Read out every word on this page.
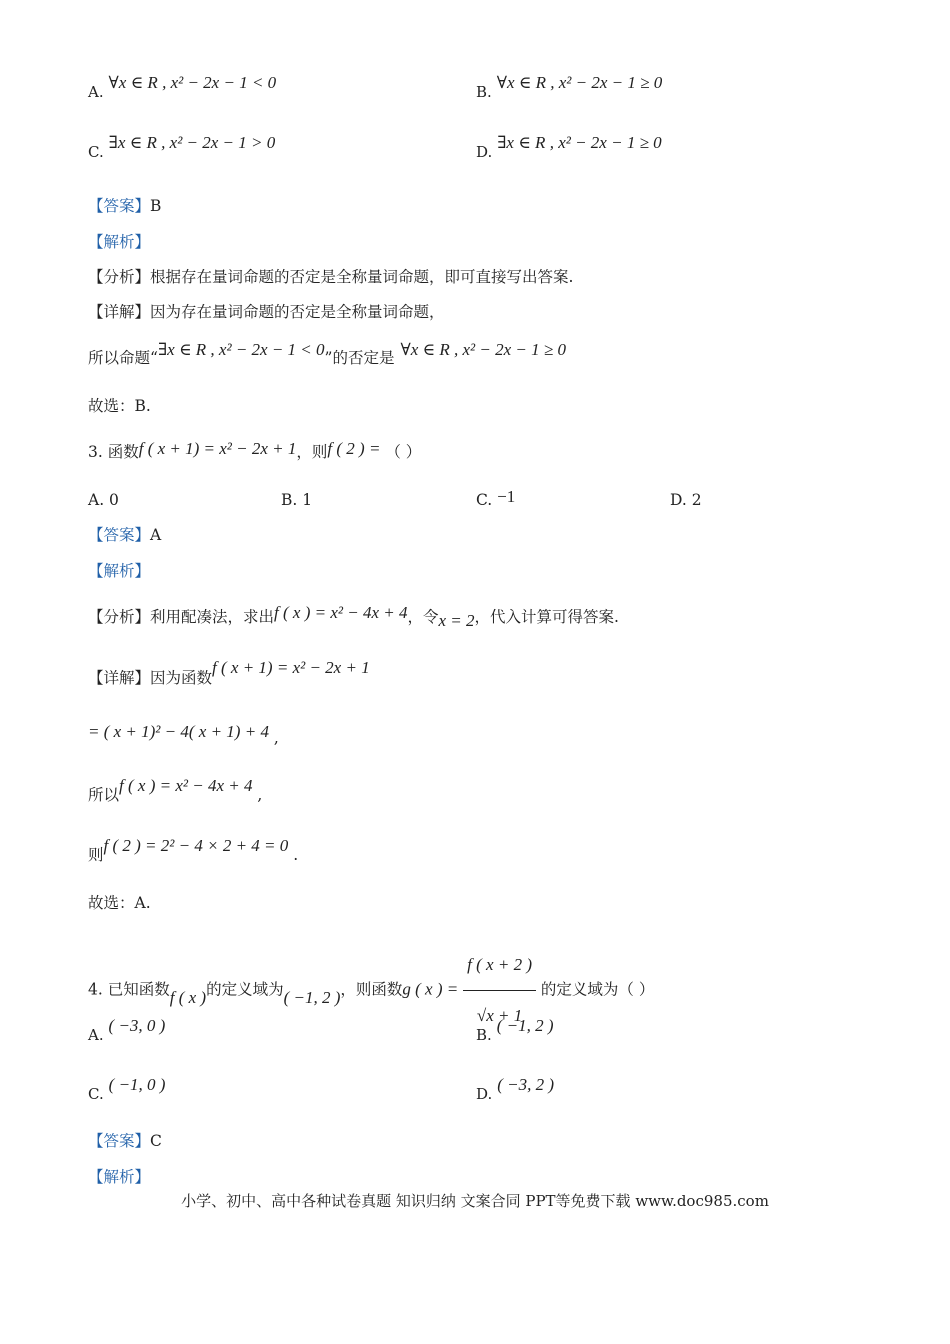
A. ∀x ∈ R , x² − 2x − 1 < 0	B. ∀x ∈ R , x² − 2x − 1 ≥ 0
C. ∃x ∈ R , x² − 2x − 1 > 0	D. ∃x ∈ R , x² − 2x − 1 ≥ 0
【答案】B
【解析】
【分析】根据存在量词命题的否定是全称量词命题，即可直接写出答案.
【详解】因为存在量词命题的否定是全称量词命题，
所以命题“∃x ∈ R , x² − 2x − 1 < 0”的否定是 ∀x ∈ R , x² − 2x − 1 ≥ 0
故选：B.
3. 函数f ( x + 1) = x² − 2x + 1，则f ( 2 ) = （ ）
A. 0	B. 1	C. −1	D. 2
【答案】A
【解析】
【分析】利用配凑法，求出f ( x ) = x² − 4x + 4，令x = 2，代入计算可得答案.
【详解】因为函数f ( x + 1) = x² − 2x + 1
= ( x + 1)² − 4( x + 1) + 4 ,
所以f ( x ) = x² − 4x + 4 ,
则f ( 2 ) = 2² − 4 × 2 + 4 = 0 .
故选：A.
4. 已知函数f ( x )的定义域为( −1, 2 )，则函数g ( x ) = $\frac{f ( x + 2 )}{√x + 1}$ 的定义域为（ ）
A. ( −3, 0 )	B. ( −1, 2 )
C. ( −1, 0 )	D. ( −3, 2 )
【答案】C
【解析】
小学、初中、高中各种试卷真题 知识归纳 文案合同 PPT等免费下载 www.doc985.com
